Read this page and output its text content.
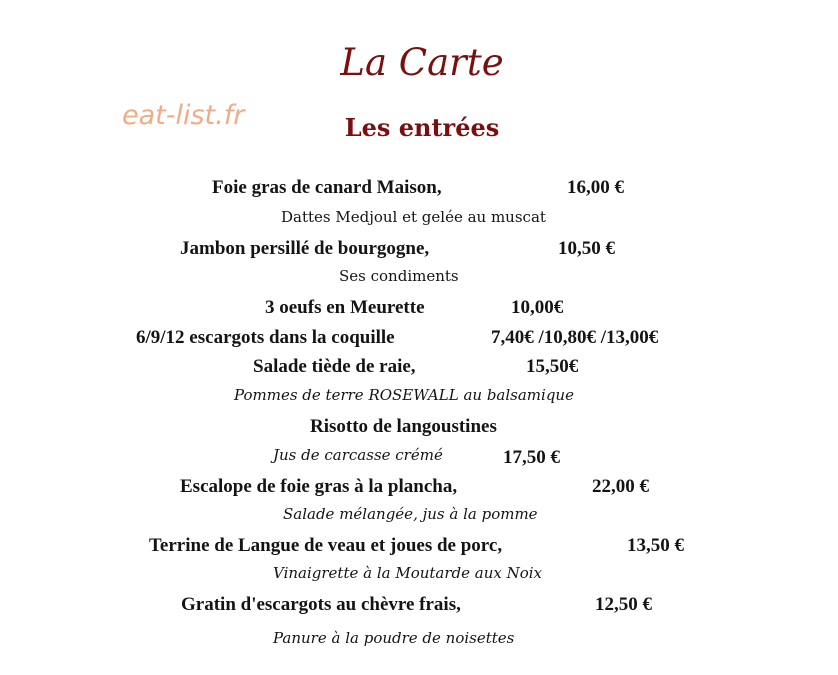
eat-list.fr
La Carte
Les entrées
Foie gras de canard Maison,	16,00 €
Dattes Medjoul et gelée au muscat
Jambon persillé de bourgogne,	10,50 €
Ses condiments
3 oeufs en Meurette	10,00€
6/9/12 escargots dans la coquille	7,40€ /10,80€ /13,00€
Salade tiède de raie,	15,50€
Pommes de terre ROSEWALL au balsamique
Risotto de langoustines
Jus de carcasse crémé	17,50 €
Escalope de foie gras à la plancha,	22,00 €
Salade mélangée, jus à la pomme
Terrine de Langue de veau et joues de porc,	13,50 €
Vinaigrette à la Moutarde aux Noix
Gratin d'escargots au chèvre frais,	12,50 €
Panure à la poudre de noisettes
